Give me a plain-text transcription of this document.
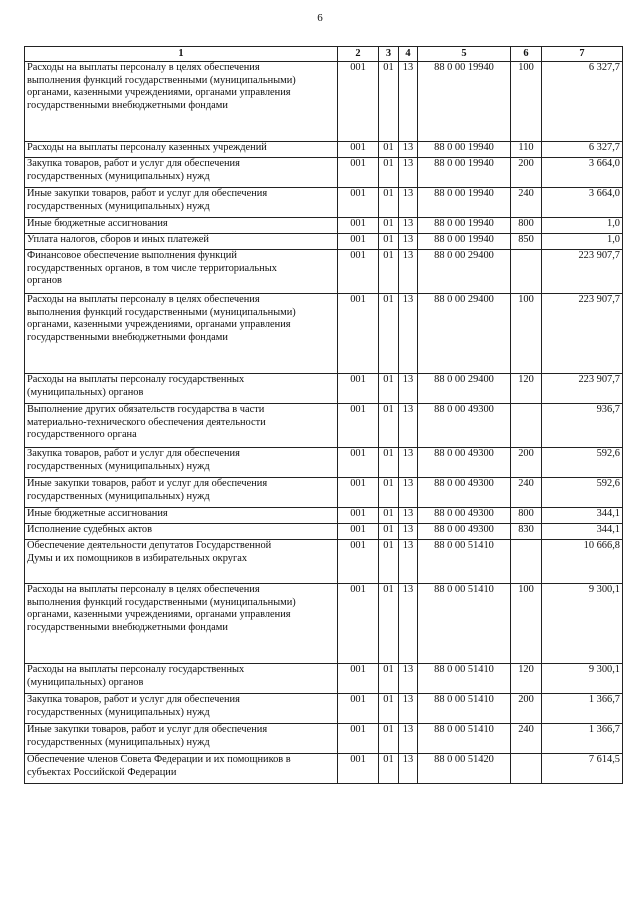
6
1	2	3	4	5	6	7

Расходы на выплаты персоналу в целях обеспечения
выполнения функций государственными (муниципальными)
органами, казенными учреждениями, органами управления
государственными внебюджетными фондами	001	01	13	88 0 00 19940	100	6 327,7

Расходы на выплаты персоналу казенных учреждений	001	01	13	88 0 00 19940	110	6 327,7

Закупка товаров, работ и услуг для обеспечения
государственных (муниципальных) нужд	001	01	13	88 0 00 19940	200	3 664,0

Иные закупки товаров, работ и услуг для обеспечения
государственных (муниципальных) нужд	001	01	13	88 0 00 19940	240	3 664,0

Иные бюджетные ассигнования	001	01	13	88 0 00 19940	800	1,0

Уплата налогов, сборов и иных платежей	001	01	13	88 0 00 19940	850	1,0

Финансовое обеспечение выполнения функций
государственных органов, в том числе территориальных
органов	001	01	13	88 0 00 29400		223 907,7

Расходы на выплаты персоналу в целях обеспечения
выполнения функций государственными (муниципальными)
органами, казенными учреждениями, органами управления
государственными внебюджетными фондами	001	01	13	88 0 00 29400	100	223 907,7

Расходы на выплаты персоналу государственных
(муниципальных) органов	001	01	13	88 0 00 29400	120	223 907,7

Выполнение других обязательств государства в части
материально-технического обеспечения деятельности
государственного органа	001	01	13	88 0 00 49300		936,7

Закупка товаров, работ и услуг для обеспечения
государственных (муниципальных) нужд	001	01	13	88 0 00 49300	200	592,6

Иные закупки товаров, работ и услуг для обеспечения
государственных (муниципальных) нужд	001	01	13	88 0 00 49300	240	592,6

Иные бюджетные ассигнования	001	01	13	88 0 00 49300	800	344,1

Исполнение судебных актов	001	01	13	88 0 00 49300	830	344,1

Обеспечение деятельности депутатов Государственной
Думы и их помощников в избирательных округах	001	01	13	88 0 00 51410		10 666,8

Расходы на выплаты персоналу в целях обеспечения
выполнения функций государственными (муниципальными)
органами, казенными учреждениями, органами управления
государственными внебюджетными фондами	001	01	13	88 0 00 51410	100	9 300,1

Расходы на выплаты персоналу государственных
(муниципальных) органов	001	01	13	88 0 00 51410	120	9 300,1

Закупка товаров, работ и услуг для обеспечения
государственных (муниципальных) нужд	001	01	13	88 0 00 51410	200	1 366,7

Иные закупки товаров, работ и услуг для обеспечения
государственных (муниципальных) нужд	001	01	13	88 0 00 51410	240	1 366,7

Обеспечение членов Совета Федерации и их помощников в
субъектах Российской Федерации	001	01	13	88 0 00 51420		7 614,5
